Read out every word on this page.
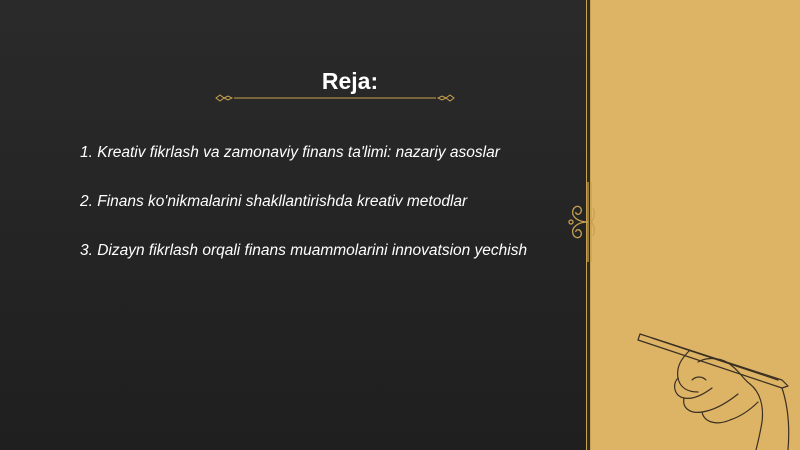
Reja:
1. Kreativ fikrlash va zamonaviy finans ta'limi: nazariy asoslar
2. Finans ko'nikmalarini shakllantirishda kreativ metodlar
3. Dizayn fikrlash orqali finans muammolarini innovatsion yechish
